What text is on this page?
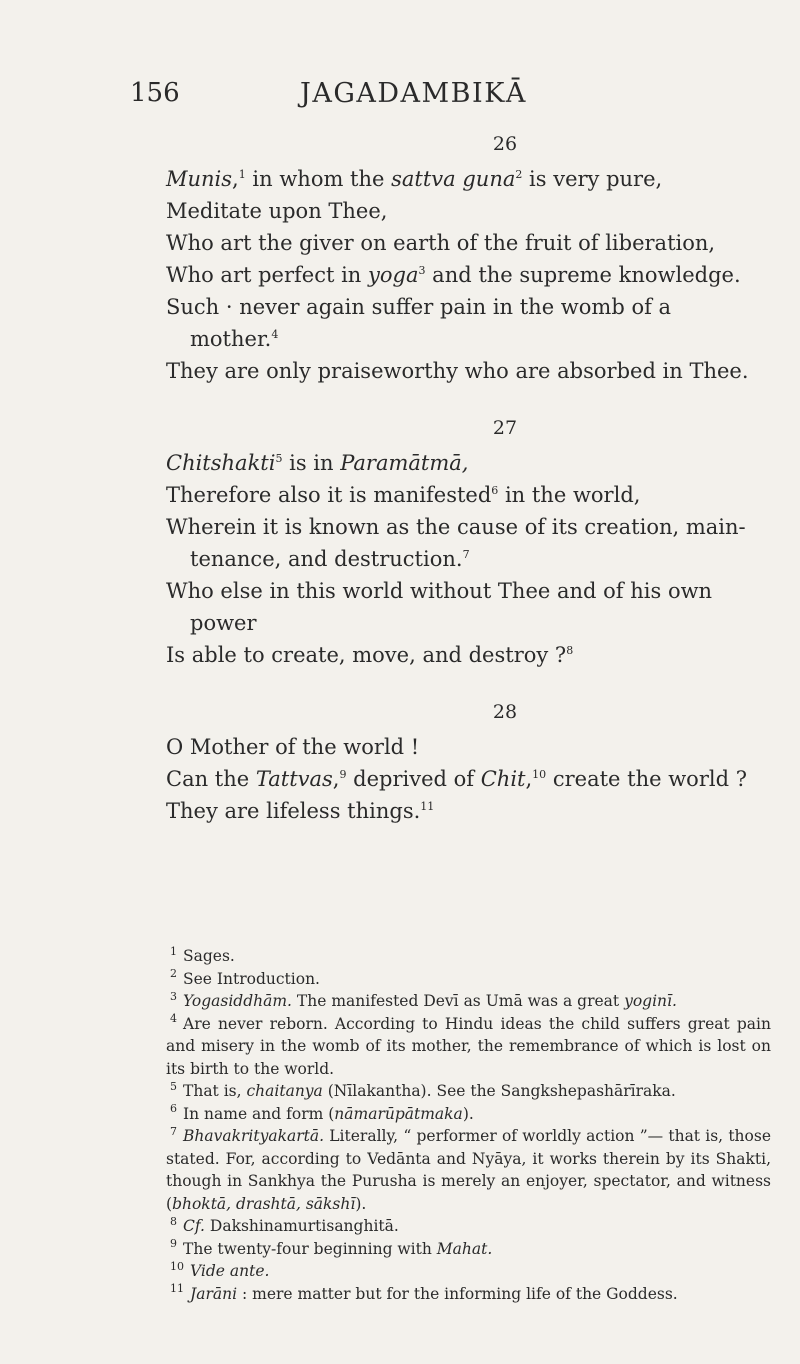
156	JAGADAMBIKĀ
26
Munis,$^1$ in whom the sattva guna$^2$ is very pure,
Meditate upon Thee,
Who art the giver on earth of the fruit of liberation,
Who art perfect in yoga$^3$ and the supreme knowledge.
Such · never again suffer pain in the womb of a
mother.$^4$
They are only praiseworthy who are absorbed in Thee.
27
Chitshakti$^5$ is in Paramātmā,
Therefore also it is manifested$^6$ in the world,
Wherein it is known as the cause of its creation, main-
tenance, and destruction.$^7$
Who else in this world without Thee and of his own
power
Is able to create, move, and destroy ?$^8$
28
O Mother of the world !
Can the Tattvas,$^9$ deprived of Chit,$^{10}$ create the world ?
They are lifeless things.$^{11}$
$^1$ Sages.
$^2$ See Introduction.
$^3$ Yogasiddhām. The manifested Devī as Umā was a great yoginī.
$^4$ Are never reborn. According to Hindu ideas the child suffers great pain and misery in the womb of its mother, the remembrance of which is lost on its birth to the world.
$^5$ That is, chaitanya (Nīlakantha). See the Sangkshepashārīraka.
$^6$ In name and form (nāmarūpātmaka).
$^7$ Bhavakrityakartā. Literally, “ performer of worldly action ”— that is, those stated. For, according to Vedānta and Nyāya, it works therein by its Shakti, though in Sankhya the Purusha is merely an enjoyer, spectator, and witness (bhoktā, drashtā, sākshī).
$^8$ Cf. Dakshinamurtisanghitā.
$^9$ The twenty-four beginning with Mahat.
$^{10}$ Vide ante.
$^{11}$ Jarāni : mere matter but for the informing life of the Goddess.
